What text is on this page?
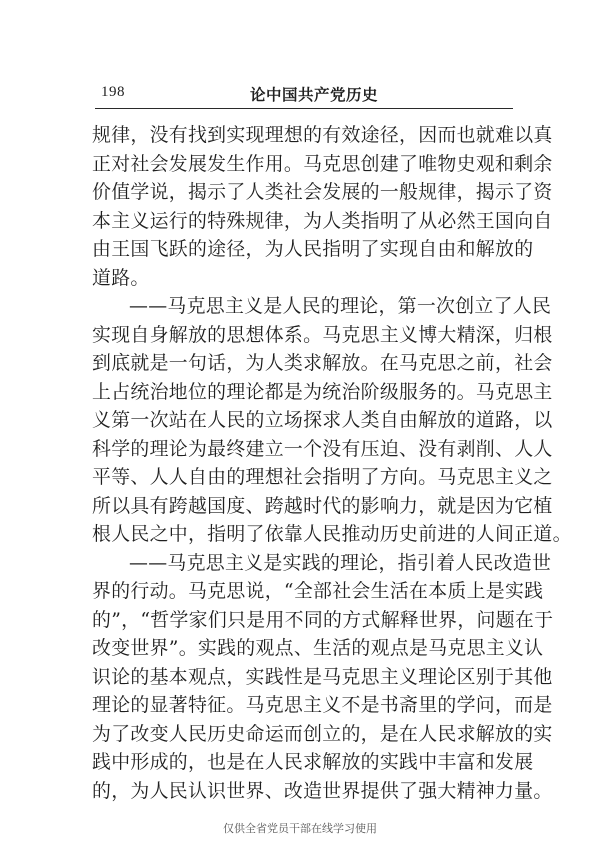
198	论中国共产党历史
规律，没有找到实现理想的有效途径，因而也就难以真
正对社会发展发生作用。马克思创建了唯物史观和剩余
价值学说，揭示了人类社会发展的一般规律，揭示了资
本主义运行的特殊规律，为人类指明了从必然王国向自
由王国飞跃的途径，为人民指明了实现自由和解放的
道路。
——马克思主义是人民的理论，第一次创立了人民
实现自身解放的思想体系。马克思主义博大精深，归根
到底就是一句话，为人类求解放。在马克思之前，社会
上占统治地位的理论都是为统治阶级服务的。马克思主
义第一次站在人民的立场探求人类自由解放的道路，以
科学的理论为最终建立一个没有压迫、没有剥削、人人
平等、人人自由的理想社会指明了方向。马克思主义之
所以具有跨越国度、跨越时代的影响力，就是因为它植
根人民之中，指明了依靠人民推动历史前进的人间正道。
——马克思主义是实践的理论，指引着人民改造世
界的行动。马克思说，“全部社会生活在本质上是实践
的”，“哲学家们只是用不同的方式解释世界，问题在于
改变世界”。实践的观点、生活的观点是马克思主义认
识论的基本观点，实践性是马克思主义理论区别于其他
理论的显著特征。马克思主义不是书斋里的学问，而是
为了改变人民历史命运而创立的，是在人民求解放的实
践中形成的，也是在人民求解放的实践中丰富和发展
的，为人民认识世界、改造世界提供了强大精神力量。
仅供全省党员干部在线学习使用
